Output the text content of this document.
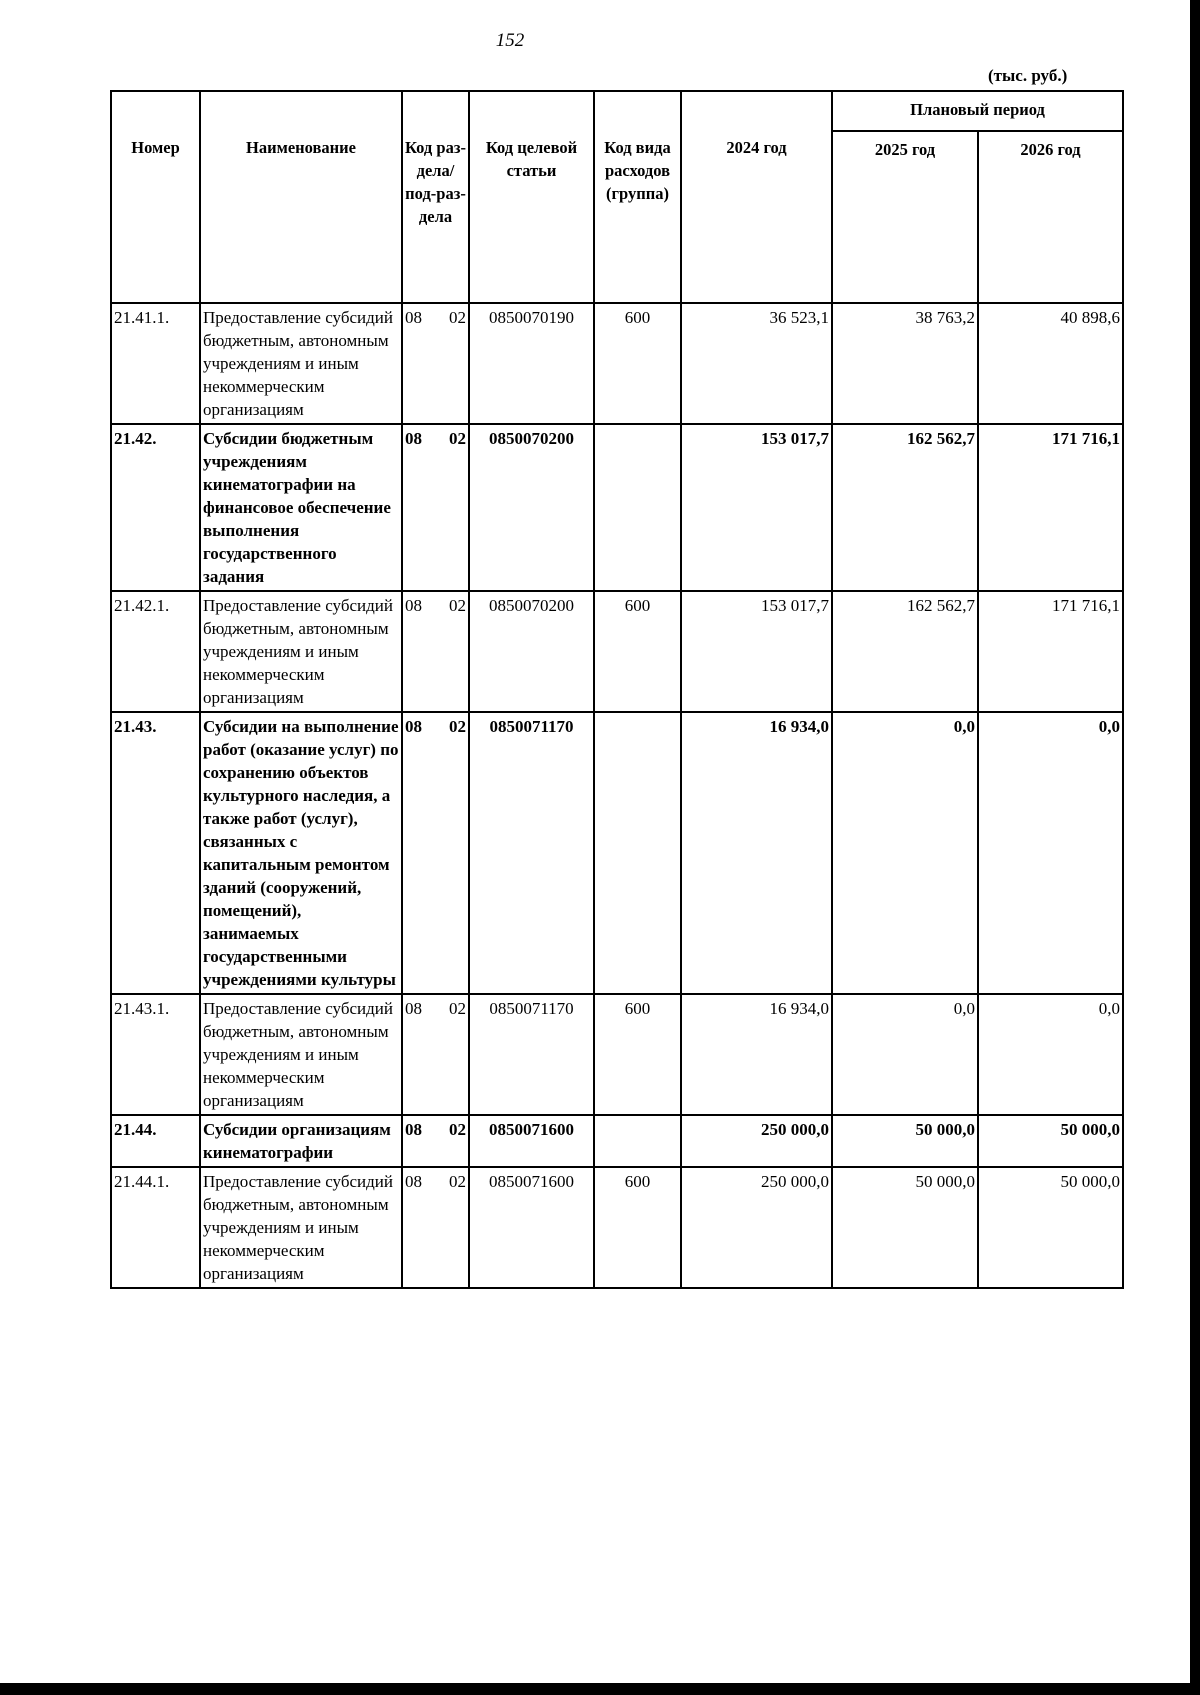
152
(тыс. руб.)
Номер	Наименование	Код раз-дела/ под-раз-дела	Код целевой статьи	Код вида расходов (группа)	2024 год	Плановый период	
						2025 год	2026 год
21.41.1.	Предоставление субсидий бюджетным, автономным учреждениям и иным некоммерческим организациям	08 02	0850070190	600	36 523,1	38 763,2	40 898,6
21.42.	Субсидии бюджетным учреждениям кинематографии на финансовое обеспечение выполнения государственного задания	08 02	0850070200		153 017,7	162 562,7	171 716,1
21.42.1.	Предоставление субсидий бюджетным, автономным учреждениям и иным некоммерческим организациям	08 02	0850070200	600	153 017,7	162 562,7	171 716,1
21.43.	Субсидии на выполнение работ (оказание услуг) по сохранению объектов культурного наследия, а также работ (услуг), связанных с капитальным ремонтом зданий (сооружений, помещений), занимаемых государственными учреждениями культуры	08 02	0850071170		16 934,0	0,0	0,0
21.43.1.	Предоставление субсидий бюджетным, автономным учреждениям и иным некоммерческим организациям	08 02	0850071170	600	16 934,0	0,0	0,0
21.44.	Субсидии организациям кинематографии	08 02	0850071600		250 000,0	50 000,0	50 000,0
21.44.1.	Предоставление субсидий бюджетным, автономным учреждениям и иным некоммерческим организациям	08 02	0850071600	600	250 000,0	50 000,0	50 000,0
